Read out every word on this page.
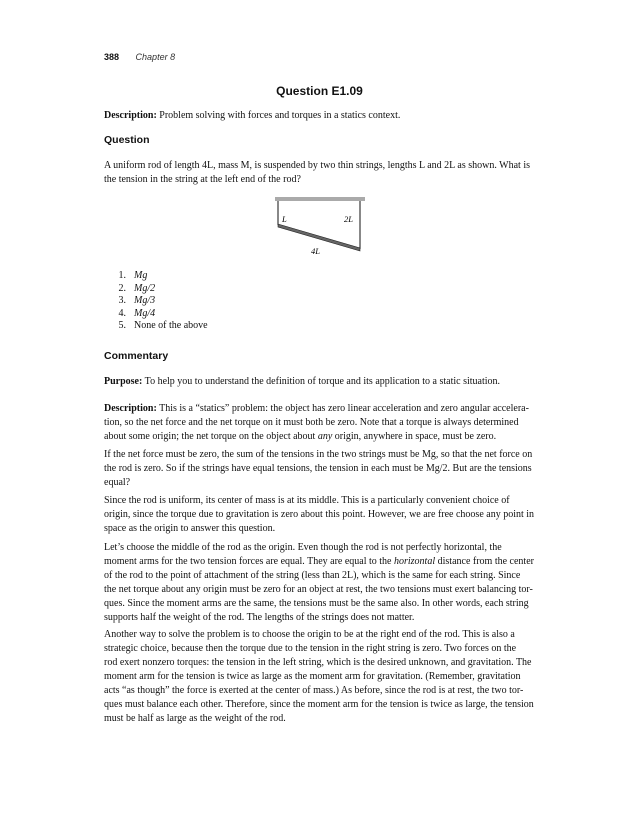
388 Chapter 8
Question E1.09
Description: Problem solving with forces and torques in a statics context.
Question
A uniform rod of length 4L, mass M, is suspended by two thin strings, lengths L and 2L as shown. What is
the tension in the string at the left end of the rod?
L	2L
4L
1. Mg
2. Mg/2
3. Mg/3
4. Mg/4
5. None of the above
Commentary
Purpose: To help you to understand the definition of torque and its application to a static situation.
Description: This is a “statics” problem: the object has zero linear acceleration and zero angular accelera-
tion, so the net force and the net torque on it must both be zero. Note that a torque is always determined
about some origin; the net torque on the object about any origin, anywhere in space, must be zero.
If the net force must be zero, the sum of the tensions in the two strings must be Mg, so that the net force on
the rod is zero. So if the strings have equal tensions, the tension in each must be Mg/2. But are the tensions
equal?
Since the rod is uniform, its center of mass is at its middle. This is a particularly convenient choice of
origin, since the torque due to gravitation is zero about this point. However, we are free choose any point in
space as the origin to answer this question.
Let’s choose the middle of the rod as the origin. Even though the rod is not perfectly horizontal, the
moment arms for the two tension forces are equal. They are equal to the horizontal distance from the center
of the rod to the point of attachment of the string (less than 2L), which is the same for each string. Since
the net torque about any origin must be zero for an object at rest, the two tensions must exert balancing tor-
ques. Since the moment arms are the same, the tensions must be the same also. In other words, each string
supports half the weight of the rod. The lengths of the strings does not matter.
Another way to solve the problem is to choose the origin to be at the right end of the rod. This is also a
strategic choice, because then the torque due to the tension in the right string is zero. Two forces on the
rod exert nonzero torques: the tension in the left string, which is the desired unknown, and gravitation. The
moment arm for the tension is twice as large as the moment arm for gravitation. (Remember, gravitation
acts “as though” the force is exerted at the center of mass.) As before, since the rod is at rest, the two tor-
ques must balance each other. Therefore, since the moment arm for the tension is twice as large, the tension
must be half as large as the weight of the rod.
